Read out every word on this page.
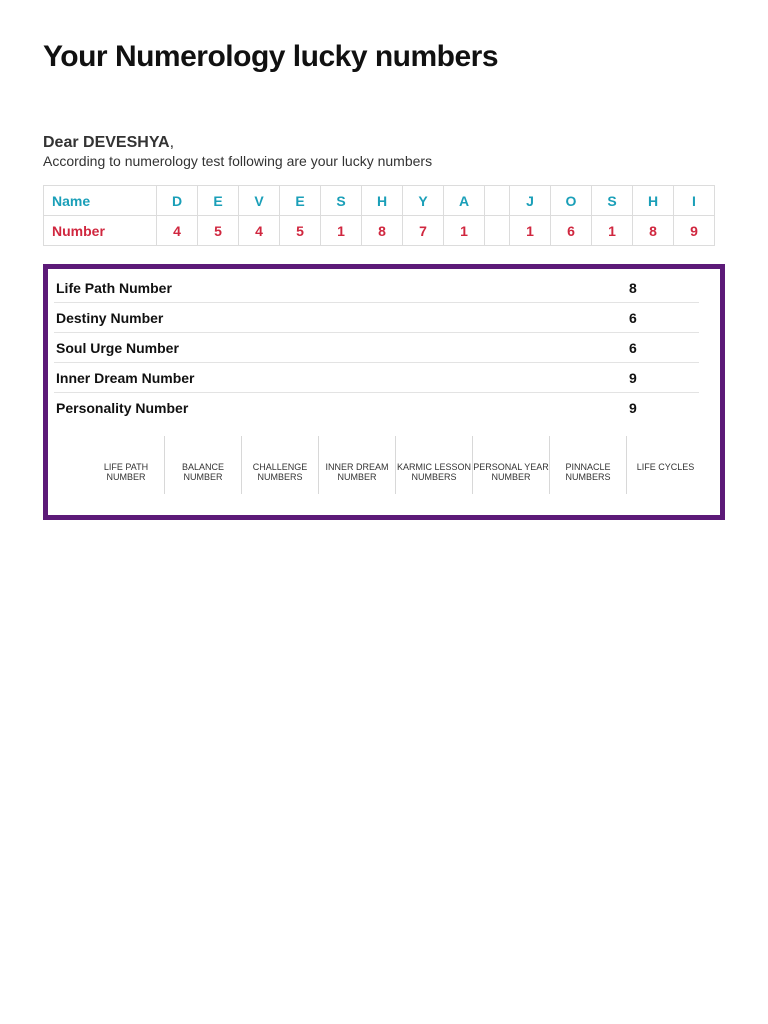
Your Numerology lucky numbers
Dear DEVESHYA,
According to numerology test following are your lucky numbers
Name	D	E	V	E	S	H	Y	A		J	O	S	H	I
Number	4	5	4	5	1	8	7	1		1	6	1	8	9
Life Path Number	8
Destiny Number	6
Soul Urge Number	6
Inner Dream Number	9
Personality Number	9
LIFE PATH NUMBER
BALANCE NUMBER
CHALLENGE NUMBERS
INNER DREAM NUMBER
KARMIC LESSON NUMBERS
PERSONAL YEAR NUMBER
PINNACLE NUMBERS
LIFE CYCLES
